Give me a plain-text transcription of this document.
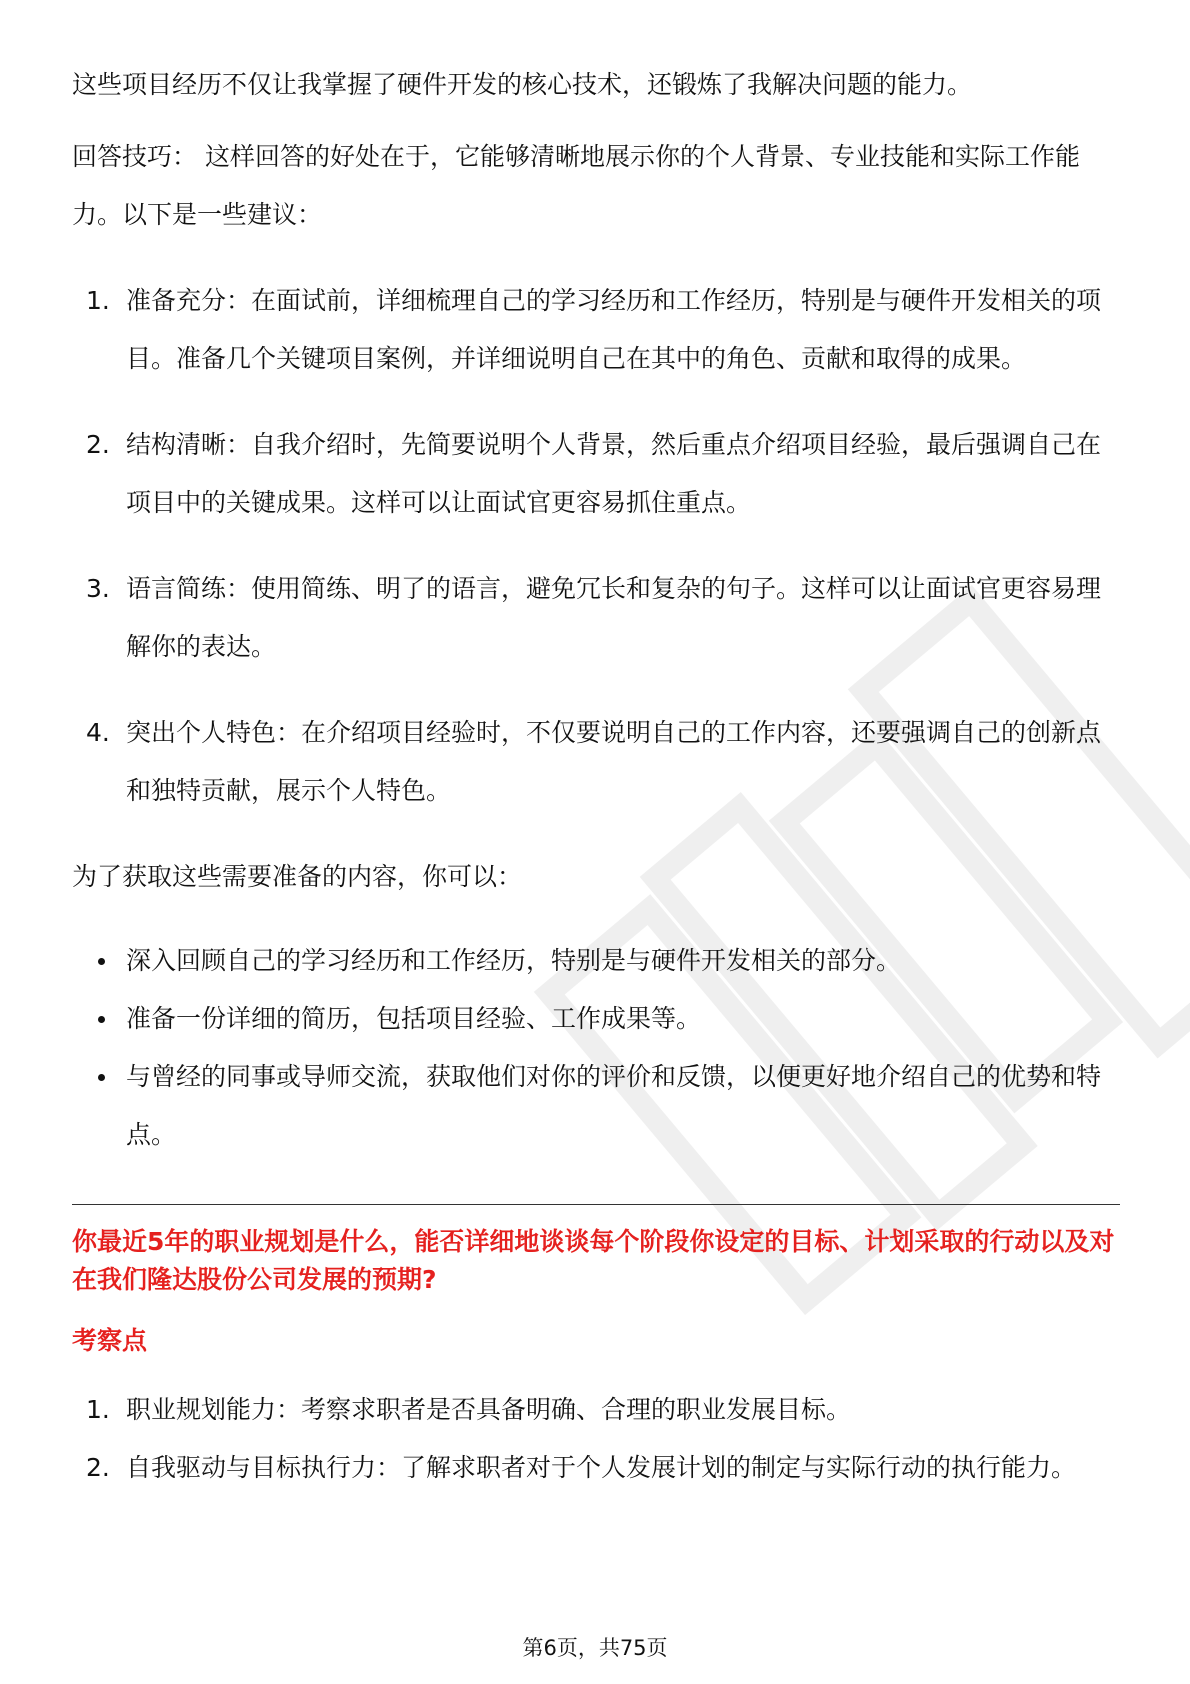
这些项目经历不仅让我掌握了硬件开发的核心技术，还锻炼了我解决问题的能力。

回答技巧： 这样回答的好处在于，它能够清晰地展示你的个人背景、专业技能和实际工作能力。以下是一些建议：

1. 准备充分：在面试前，详细梳理自己的学习经历和工作经历，特别是与硬件开发相关的项目。准备几个关键项目案例，并详细说明自己在其中的角色、贡献和取得的成果。
2. 结构清晰：自我介绍时，先简要说明个人背景，然后重点介绍项目经验，最后强调自己在项目中的关键成果。这样可以让面试官更容易抓住重点。
3. 语言简练：使用简练、明了的语言，避免冗长和复杂的句子。这样可以让面试官更容易理解你的表达。
4. 突出个人特色：在介绍项目经验时，不仅要说明自己的工作内容，还要强调自己的创新点和独特贡献，展示个人特色。

为了获取这些需要准备的内容，你可以：

深入回顾自己的学习经历和工作经历，特别是与硬件开发相关的部分。
准备一份详细的简历，包括项目经验、工作成果等。
与曾经的同事或导师交流，获取他们对你的评价和反馈，以便更好地介绍自己的优势和特点。
你最近5年的职业规划是什么，能否详细地谈谈每个阶段你设定的目标、计划采取的行动以及对在我们隆达股份公司发展的预期?
考察点
1. 职业规划能力：考察求职者是否具备明确、合理的职业发展目标。
2. 自我驱动与目标执行力：了解求职者对于个人发展计划的制定与实际行动的执行能力。
第6页，共75页
